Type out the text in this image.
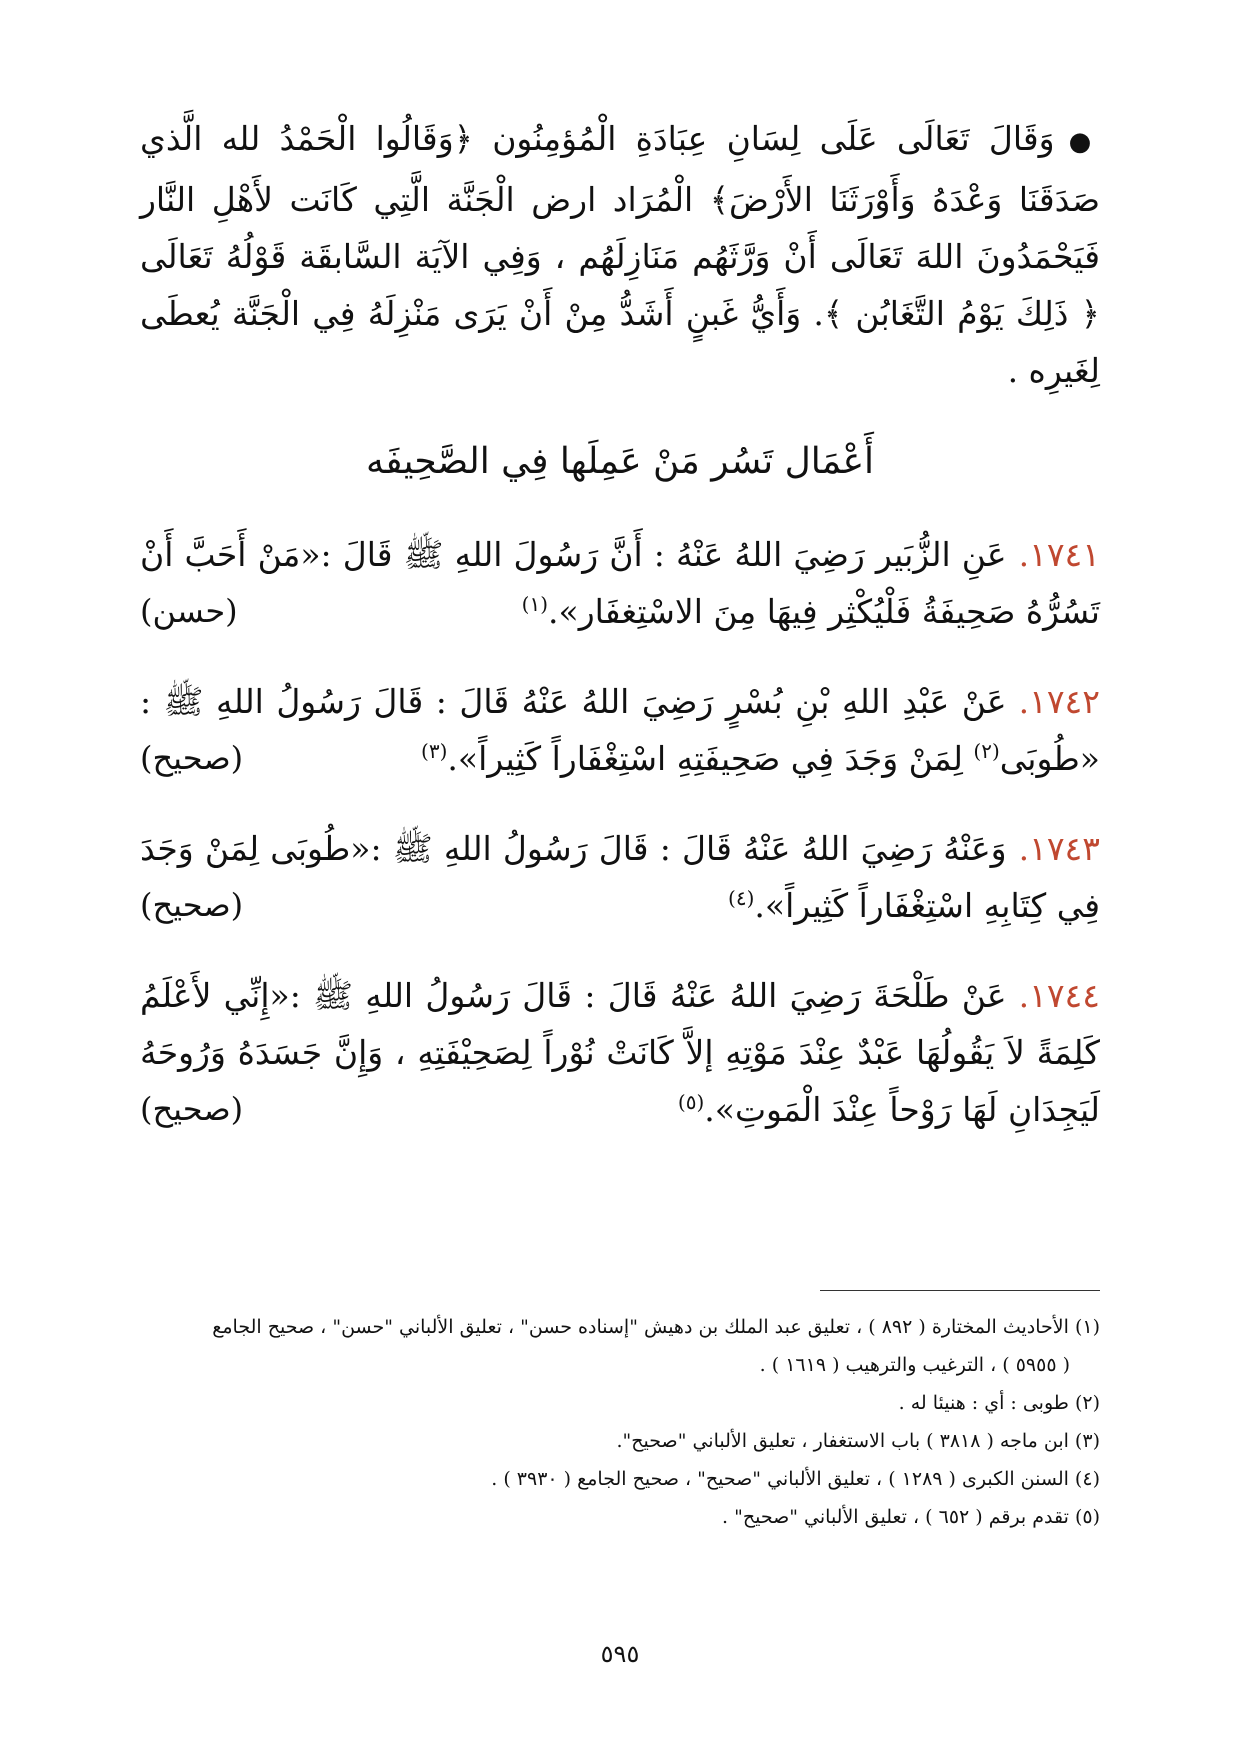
●وَقَالَ تَعَالَى عَلَى لِسَانِ عِبَادَةِ الْمُؤمِنُون ﴿وَقَالُوا الْحَمْدُ لله الَّذي صَدَقَنَا وَعْدَهُ وَأَوْرَثَنَا الأَرْضَ﴾ الْمُرَاد ارض الْجَنَّة الَّتِي كَانَت لأَهْلِ النَّار فَيَحْمَدُونَ اللهَ تَعَالَى أَنْ وَرَّثَهُم مَنَازِلَهُم ، وَفِي الآيَة السَّابقَة قَوْلُهُ تَعَالَى ﴿ ذَلِكَ يَوْمُ التَّغَابُن ﴾. وَأَيُّ غَبنٍ أَشَدُّ مِنْ أَنْ يَرَى مَنْزِلَهُ فِي الْجَنَّة يُعطَى لِغَيرِه .

أَعْمَال تَسُر مَنْ عَمِلَها فِي الصَّحِيفَه

١٧٤١.عَنِ الزُّبَير رَضِيَ اللهُ عَنْهُ : أَنَّ رَسُولَ اللهِ ﷺ قَالَ :«مَنْ أَحَبَّ أَنْ تَسُرُّهُ صَحِيفَةُ فَلْيُكْثِر فِيهَا مِنَ الاسْتِغفَار».$^{(١)}$
(حسن)

١٧٤٢.عَنْ عَبْدِ اللهِ بْنِ بُسْرٍ رَضِيَ اللهُ عَنْهُ قَالَ : قَالَ رَسُولُ اللهِ ﷺ : «طُوبَى$^{(٢)}$ لِمَنْ وَجَدَ فِي صَحِيفَتِهِ اسْتِغْفَاراً كَثِيراً».$^{(٣)}$
(صحيح)

١٧٤٣.وَعَنْهُ رَضِيَ اللهُ عَنْهُ قَالَ : قَالَ رَسُولُ اللهِ ﷺ :«طُوبَى لِمَنْ وَجَدَ فِي كِتَابِهِ اسْتِغْفَاراً كَثِيراً».$^{(٤)}$
(صحيح)

١٧٤٤.عَنْ طَلْحَةَ رَضِيَ اللهُ عَنْهُ قَالَ : قَالَ رَسُولُ اللهِ ﷺ :«إِنِّي لأَعْلَمُ كَلِمَةً لاَ يَقُولُهَا عَبْدٌ عِنْدَ مَوْتِهِ إلاَّ كَانَتْ نُوْراً لِصَحِيْفَتِهِ ، وَإِنَّ جَسَدَهُ وَرُوحَهُ لَيَجِدَانِ لَهَا رَوْحاً عِنْدَ الْمَوتِ».$^{(٥)}$
(صحيح)

(١) الأحاديث المختارة ( ٨٩٢ ) ، تعليق عبد الملك بن دهيش "إسناده حسن" ، تعليق الألباني "حسن" ، صحيح الجامع

( ٥٩٥٥ ) ، الترغيب والترهيب ( ١٦١٩ ) .

(٢) طوبى : أي : هنيئا له .

(٣) ابن ماجه ( ٣٨١٨ ) باب الاستغفار ، تعليق الألباني "صحيح".

(٤) السنن الكبرى ( ١٢٨٩ ) ، تعليق الألباني "صحيح" ، صحيح الجامع ( ٣٩٣٠ ) .

(٥) تقدم برقم ( ٦٥٢ ) ، تعليق الألباني "صحيح" .

٥٩٥
